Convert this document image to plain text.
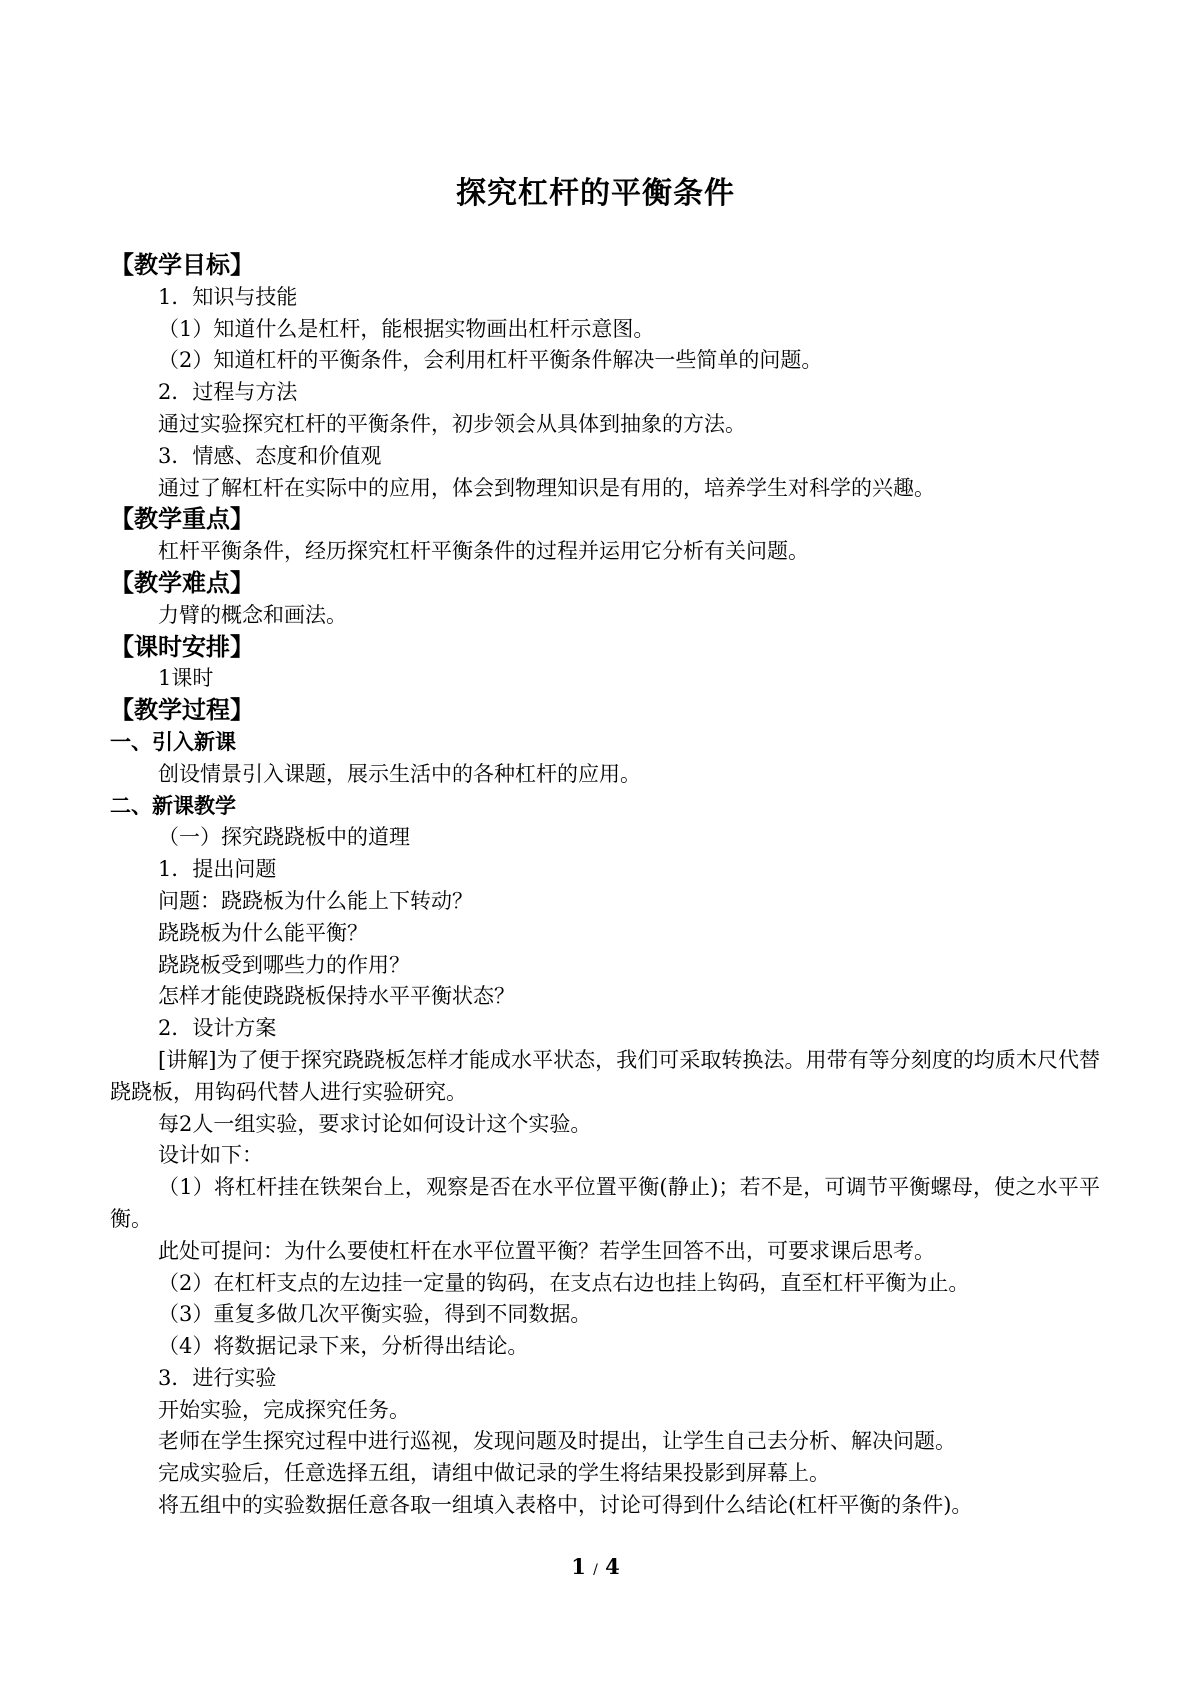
探究杠杆的平衡条件
【教学目标】
1．知识与技能
（1）知道什么是杠杆，能根据实物画出杠杆示意图。
（2）知道杠杆的平衡条件，会利用杠杆平衡条件解决一些简单的问题。
2．过程与方法
通过实验探究杠杆的平衡条件，初步领会从具体到抽象的方法。
3．情感、态度和价值观
通过了解杠杆在实际中的应用，体会到物理知识是有用的，培养学生对科学的兴趣。
【教学重点】
杠杆平衡条件，经历探究杠杆平衡条件的过程并运用它分析有关问题。
【教学难点】
力臂的概念和画法。
【课时安排】
1课时
【教学过程】
一、引入新课
创设情景引入课题，展示生活中的各种杠杆的应用。
二、新课教学
（一）探究跷跷板中的道理
1．提出问题
问题：跷跷板为什么能上下转动？
跷跷板为什么能平衡？
跷跷板受到哪些力的作用？
怎样才能使跷跷板保持水平平衡状态？
2．设计方案
[讲解]为了便于探究跷跷板怎样才能成水平状态，我们可采取转换法。用带有等分刻度的均质木尺代替跷跷板，用钩码代替人进行实验研究。
每2人一组实验，要求讨论如何设计这个实验。
设计如下：
（1）将杠杆挂在铁架台上，观察是否在水平位置平衡(静止)；若不是，可调节平衡螺母，使之水平平衡。
此处可提问：为什么要使杠杆在水平位置平衡？若学生回答不出，可要求课后思考。
（2）在杠杆支点的左边挂一定量的钩码，在支点右边也挂上钩码，直至杠杆平衡为止。
（3）重复多做几次平衡实验，得到不同数据。
（4）将数据记录下来，分析得出结论。
3．进行实验
开始实验，完成探究任务。
老师在学生探究过程中进行巡视，发现问题及时提出，让学生自己去分析、解决问题。
完成实验后，任意选择五组，请组中做记录的学生将结果投影到屏幕上。
将五组中的实验数据任意各取一组填入表格中，讨论可得到什么结论(杠杆平衡的条件)。
1 / 4
